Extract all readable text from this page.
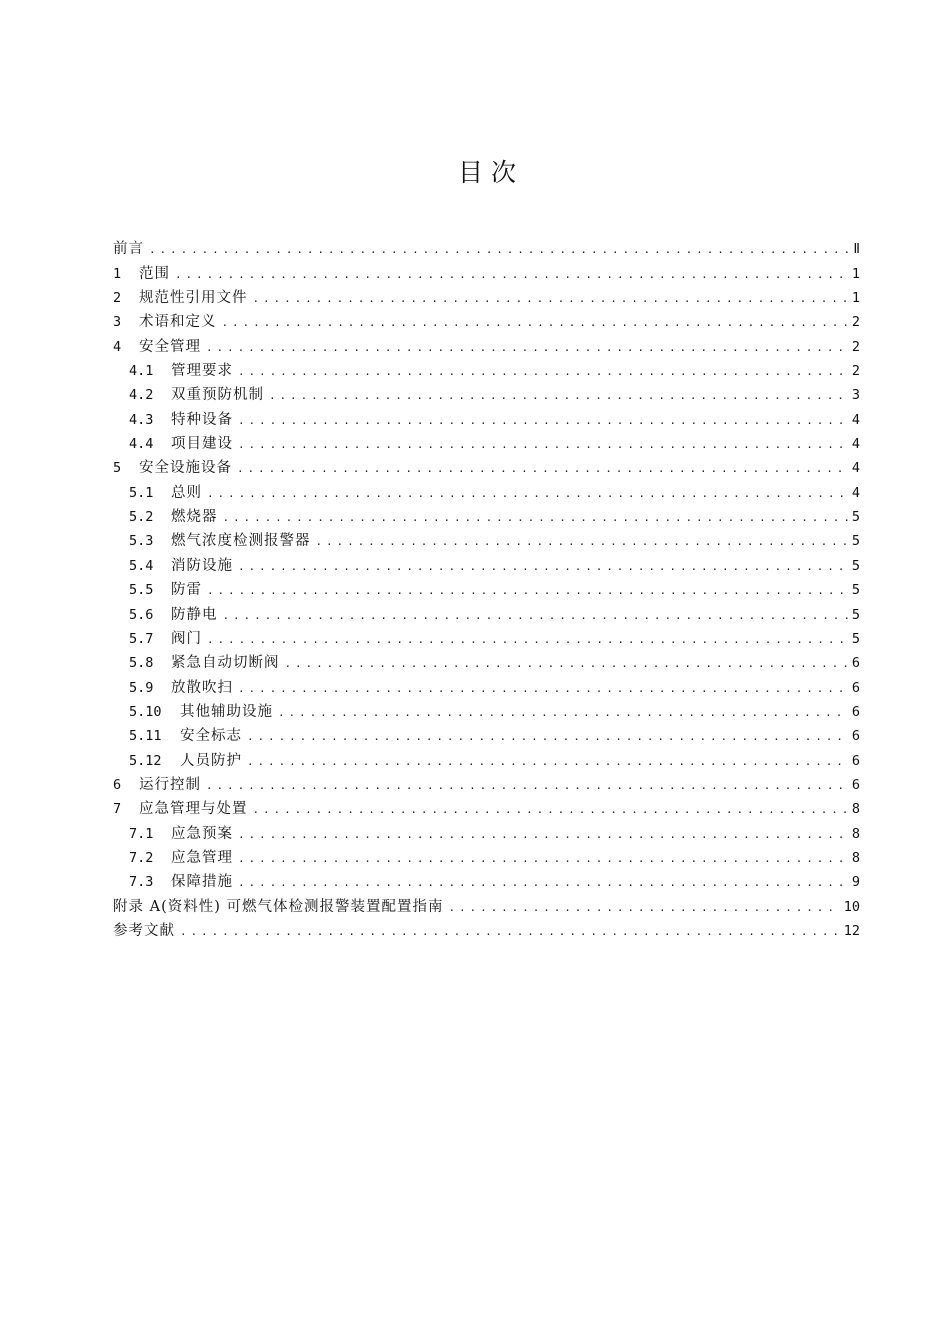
目 次
前言 .....	Ⅱ
1	范围 .....	1
2	规范性引用文件 .....	1
3	术语和定义 .....	2
4	安全管理 .....	2
4.1	管理要求 .....	2
4.2	双重预防机制 .....	3
4.3	特种设备 .....	4
4.4	项目建设 .....	4
5	安全设施设备 .....	4
5.1	总则 .....	4
5.2	燃烧器 .....	5
5.3	燃气浓度检测报警器 .....	5
5.4	消防设施 .....	5
5.5	防雷 .....	5
5.6	防静电 .....	5
5.7	阀门 .....	5
5.8	紧急自动切断阀 .....	6
5.9	放散吹扫 .....	6
5.10	其他辅助设施 .....	6
5.11	安全标志 .....	6
5.12	人员防护 .....	6
6	运行控制 .....	6
7	应急管理与处置 .....	8
7.1	应急预案 .....	8
7.2	应急管理 .....	8
7.3	保障措施 .....	9
附录 A(资料性) 可燃气体检测报警装置配置指南 .....	10
参考文献 .....	12
